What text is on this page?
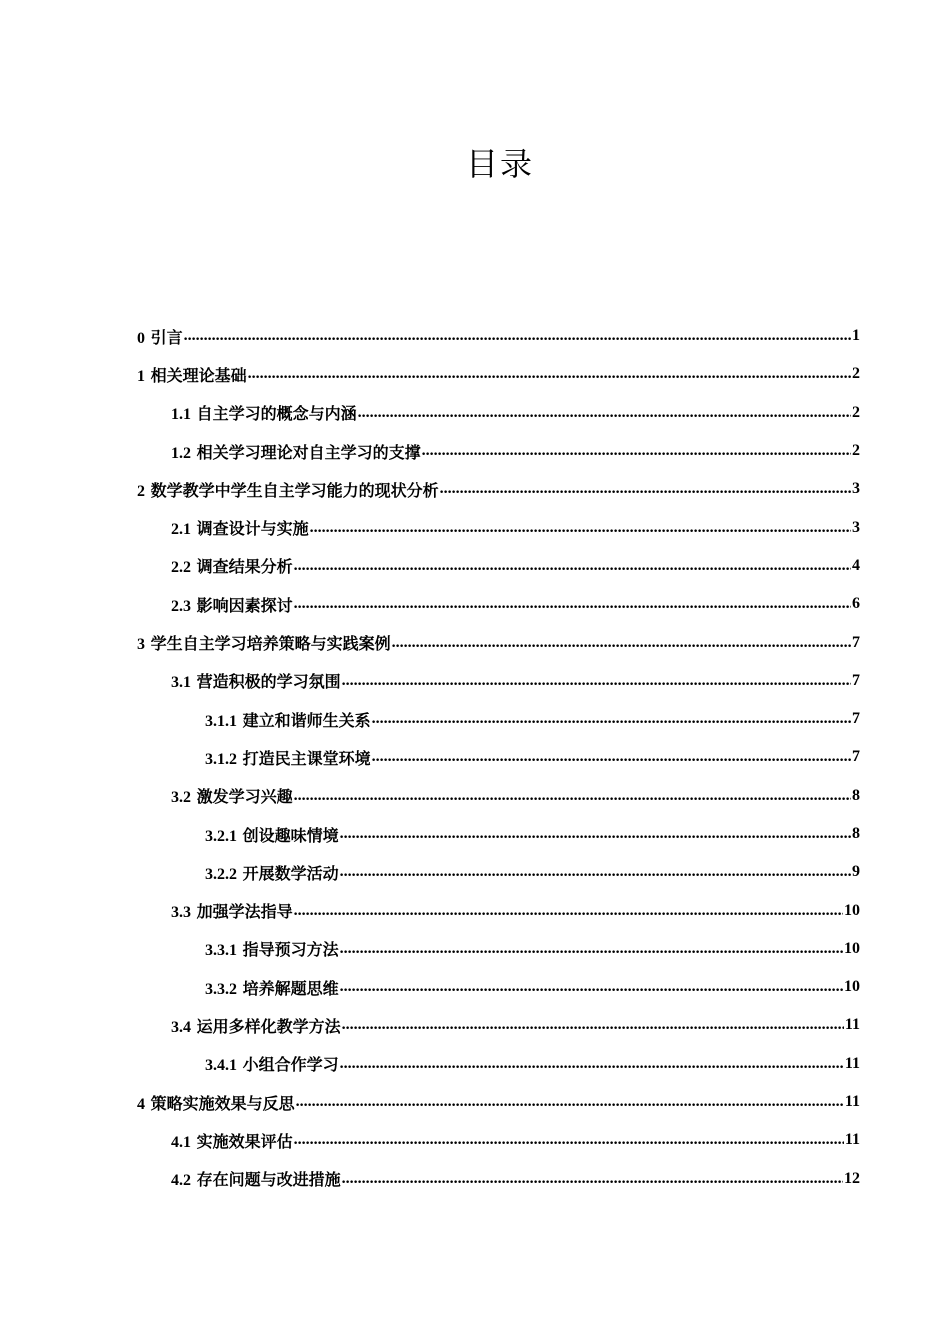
目录
0 引言 .....	1
1 相关理论基础 .....	2
1.1 自主学习的概念与内涵 .....	2
1.2 相关学习理论对自主学习的支撑 .....	2
2 数学教学中学生自主学习能力的现状分析 .....	3
2.1 调查设计与实施 .....	3
2.2 调查结果分析 .....	4
2.3 影响因素探讨 .....	6
3 学生自主学习培养策略与实践案例 .....	7
3.1 营造积极的学习氛围 .....	7
3.1.1 建立和谐师生关系 .....	7
3.1.2 打造民主课堂环境 .....	7
3.2 激发学习兴趣 .....	8
3.2.1 创设趣味情境 .....	8
3.2.2 开展数学活动 .....	9
3.3 加强学法指导 .....	10
3.3.1 指导预习方法 .....	10
3.3.2 培养解题思维 .....	10
3.4 运用多样化教学方法 .....	11
3.4.1 小组合作学习 .....	11
4 策略实施效果与反思 .....	11
4.1 实施效果评估 .....	11
4.2 存在问题与改进措施 .....	12
